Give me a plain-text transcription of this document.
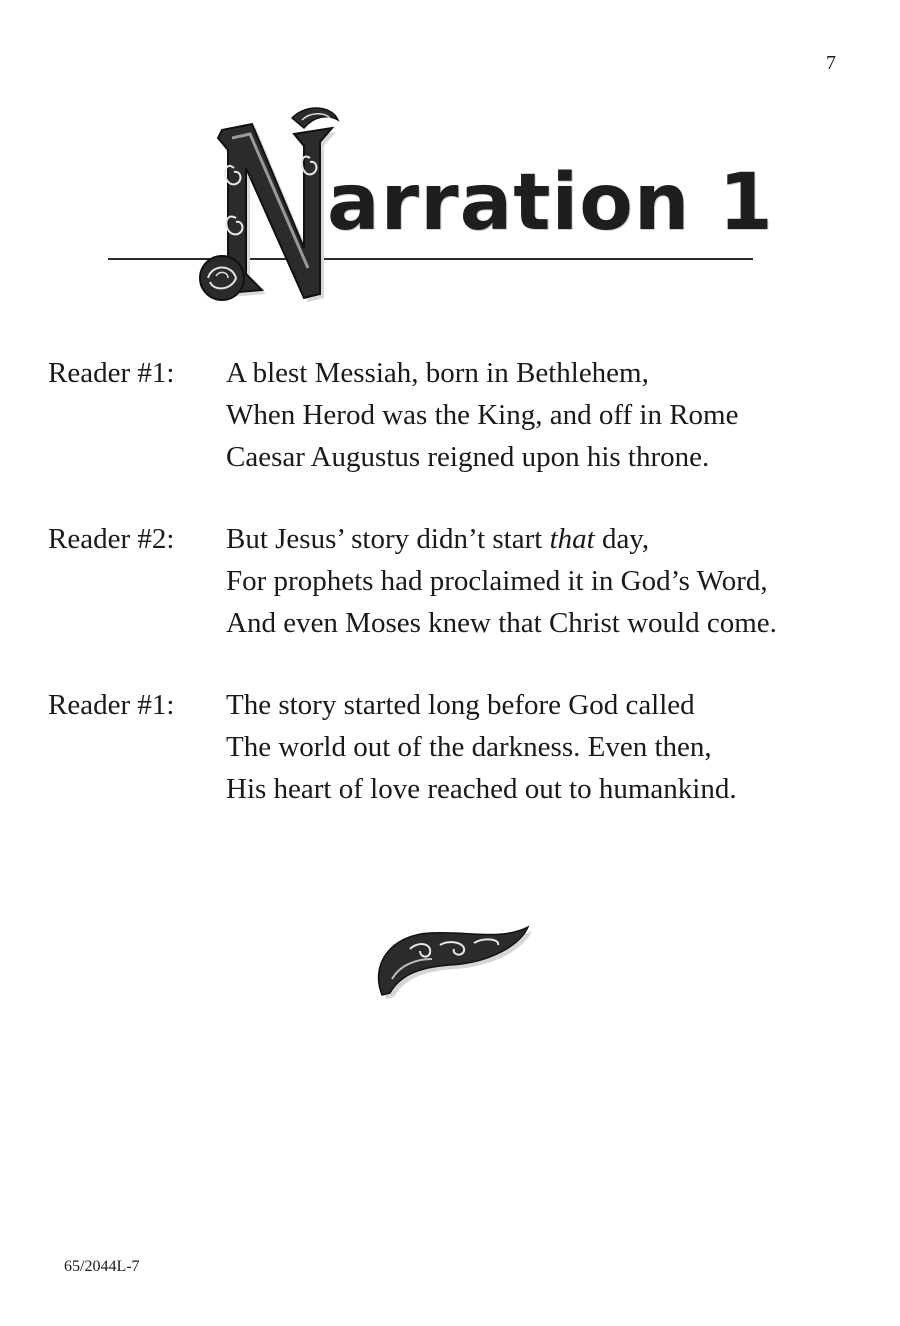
7
arration 1
Reader #1:	A blest Messiah, born in Bethlehem,
When Herod was the King, and off in Rome
Caesar Augustus reigned upon his throne.
Reader #2:	But Jesus’ story didn’t start that day,
For prophets had proclaimed it in God’s Word,
And even Moses knew that Christ would come.
Reader #1:	The story started long before God called
The world out of the darkness. Even then,
His heart of love reached out to humankind.
65/2044L-7
